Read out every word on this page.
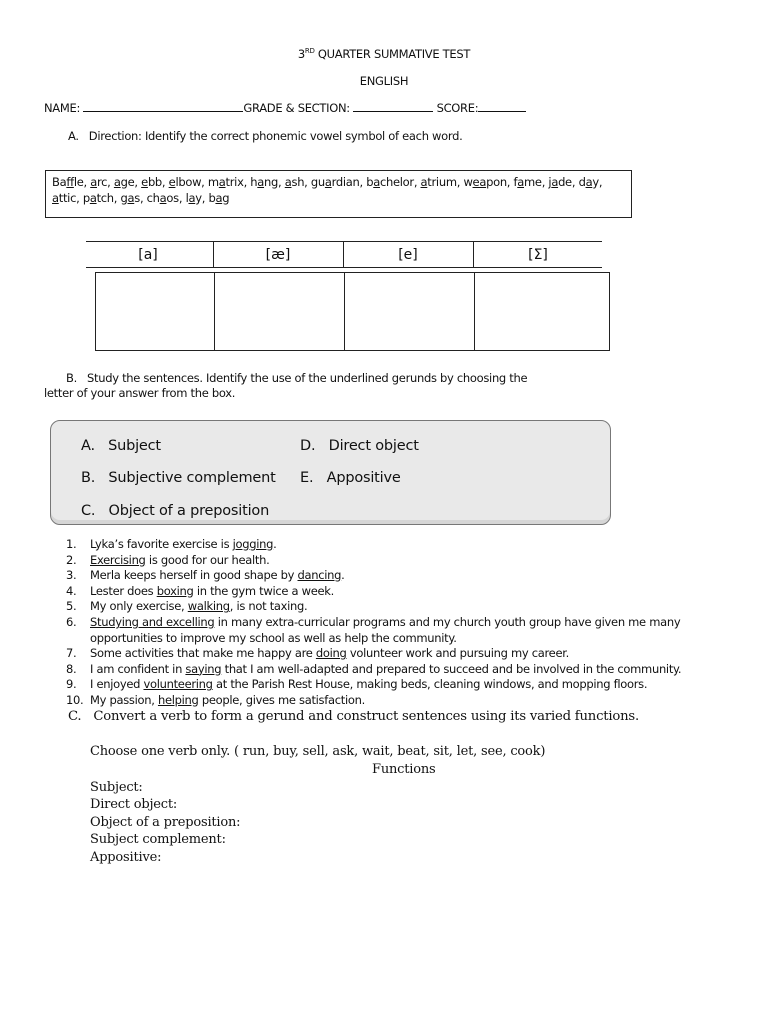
3RD QUARTER SUMMATIVE TEST
ENGLISH
NAME:	GRADE & SECTION:	SCORE:
A.   Direction: Identify the correct phonemic vowel symbol of each word.
Baffle, arc, age, ebb, elbow, matrix, hang, ash, guardian, bachelor, atrium, weapon, fame, jade, day,
attic, patch, gas, chaos, lay, bag
[a]	[æ]	[e]	[Σ]
B.   Study the sentences. Identify the use of the underlined gerunds by choosing the
letter of your answer from the box.
A.   Subject
B.   Subjective complement
C.   Object of a preposition
D.   Direct object
E.   Appositive
1.	Lyka’s favorite exercise is jogging.
2.	Exercising is good for our health.
3.	Merla keeps herself in good shape by dancing.
4.	Lester does boxing in the gym twice a week.
5.	My only exercise, walking, is not taxing.
6.	Studying and excelling in many extra-curricular programs and my church youth group have given me many opportunities to improve my school as well as help the community.
7.	Some activities that make me happy are doing volunteer work and pursuing my career.
8.	I am confident in saying that I am well-adapted and prepared to succeed and be involved in the community.
9.	I enjoyed volunteering at the Parish Rest House, making beds, cleaning windows, and mopping floors.
10. My passion, helping people, gives me satisfaction.
C.   Convert a verb to form a gerund and construct sentences using its varied functions.
Choose one verb only. ( run, buy, sell, ask, wait, beat, sit, let, see, cook)
Functions
Subject:
Direct object:
Object of a preposition:
Subject complement:
Appositive:
